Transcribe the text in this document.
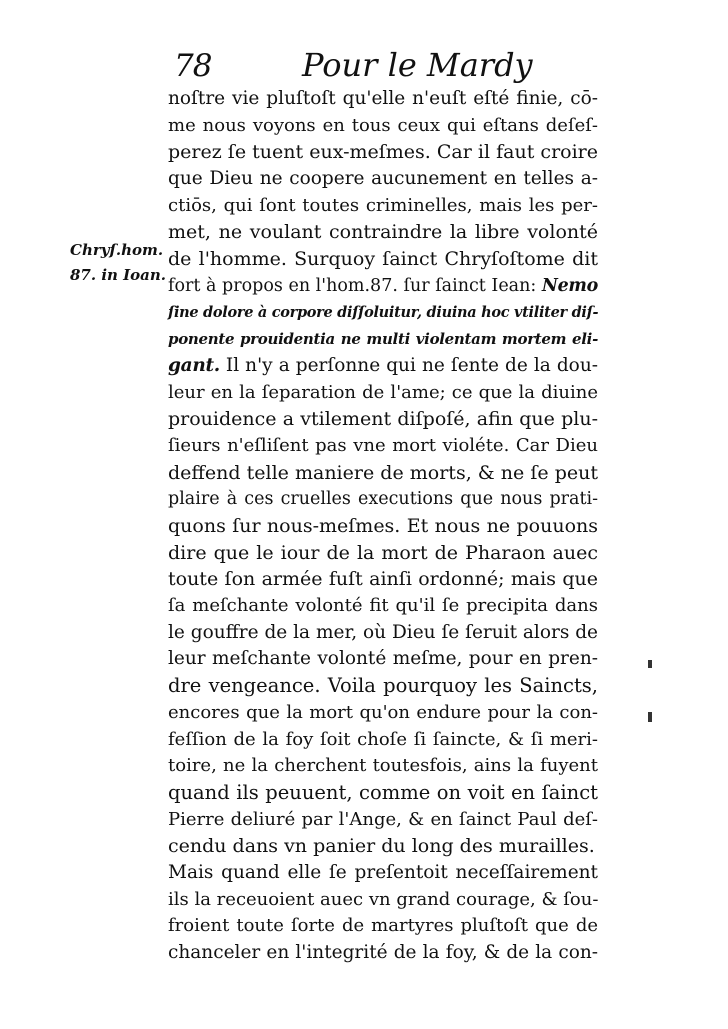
78	Pour le Mardy
Chryſ.hom.
87. in Ioan.
noſtre vie pluſtoſt qu'elle n'euſt eſté finie, cō-
me nous voyons en tous ceux qui eſtans deſeſ-
perez ſe tuent eux-meſmes. Car il faut croire
que Dieu ne coopere aucunement en telles a-
ctiōs, qui ſont toutes criminelles, mais les per-
met, ne voulant contraindre la libre volonté
de l'homme. Surquoy ſainct Chryſoſtome dit
fort à propos en l'hom.87. ſur ſainct Iean: Nemo
ſine dolore à corpore diſſoluitur, diuina hoc vtiliter diſ-
ponente prouidentia ne multi violentam mortem eli-
gant. Il n'y a perſonne qui ne ſente de la dou-
leur en la ſeparation de l'ame; ce que la diuine
prouidence a vtilement diſpoſé, afin que plu-
ſieurs n'eſliſent pas vne mort violéte. Car Dieu
deffend telle maniere de morts, & ne ſe peut
plaire à ces cruelles executions que nous prati-
quons ſur nous-meſmes. Et nous ne pouuons
dire que le iour de la mort de Pharaon auec
toute ſon armée fuſt ainſi ordonné; mais que
ſa meſchante volonté fit qu'il ſe precipita dans
le gouffre de la mer, où Dieu ſe ſeruit alors de
leur meſchante volonté meſme, pour en pren-
dre vengeance. Voila pourquoy les Saincts,
encores que la mort qu'on endure pour la con-
feſſion de la foy ſoit choſe ſi ſaincte, & ſi meri-
toire, ne la cherchent toutesfois, ains la fuyent
quand ils peuuent, comme on voit en ſainct
Pierre deliuré par l'Ange, & en ſainct Paul deſ-
cendu dans vn panier du long des murailles.
Mais quand elle ſe preſentoit neceſſairement
ils la receuoient auec vn grand courage, & ſou-
froient toute ſorte de martyres pluſtoſt que de
chanceler en l'integrité de la foy, & de la con-
